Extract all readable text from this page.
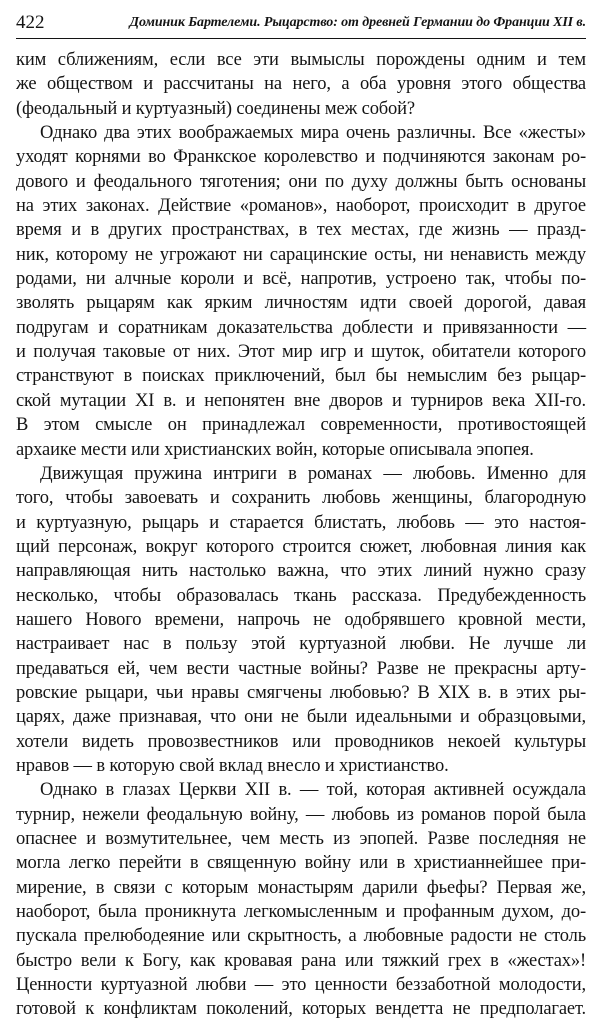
422	Доминик Бартелеми. Рыцарство: от древней Германии до Франции XII в.
ким сближениям, если все эти вымыслы порождены одним и тем
же обществом и рассчитаны на него, а оба уровня этого общества
(феодальный и куртуазный) соединены меж собой?
Однако два этих воображаемых мира очень различны. Все «жесты»
уходят корнями во Франкское королевство и подчиняются законам ро-
дового и феодального тяготения; они по духу должны быть основаны
на этих законах. Действие «романов», наоборот, происходит в другое
время и в других пространствах, в тех местах, где жизнь — празд-
ник, которому не угрожают ни сарацинские осты, ни ненависть между
родами, ни алчные короли и всё, напротив, устроено так, чтобы по-
зволять рыцарям как ярким личностям идти своей дорогой, давая
подругам и соратникам доказательства доблести и привязанности —
и получая таковые от них. Этот мир игр и шуток, обитатели которого
странствуют в поисках приключений, был бы немыслим без рыцар-
ской мутации XI в. и непонятен вне дворов и турниров века XII-го.
В этом смысле он принадлежал современности, противостоящей
архаике мести или христианских войн, которые описывала эпопея.
Движущая пружина интриги в романах — любовь. Именно для
того, чтобы завоевать и сохранить любовь женщины, благородную
и куртуазную, рыцарь и старается блистать, любовь — это настоя-
щий персонаж, вокруг которого строится сюжет, любовная линия как
направляющая нить настолько важна, что этих линий нужно сразу
несколько, чтобы образовалась ткань рассказа. Предубежденность
нашего Нового времени, напрочь не одобрявшего кровной мести,
настраивает нас в пользу этой куртуазной любви. Не лучше ли
предаваться ей, чем вести частные войны? Разве не прекрасны арту-
ровские рыцари, чьи нравы смягчены любовью? В XIX в. в этих ры-
царях, даже признавая, что они не были идеальными и образцовыми,
хотели видеть провозвестников или проводников некоей культуры
нравов — в которую свой вклад внесло и христианство.
Однако в глазах Церкви XII в. — той, которая активней осуждала
турнир, нежели феодальную войну, — любовь из романов порой была
опаснее и возмутительнее, чем месть из эпопей. Разве последняя не
могла легко перейти в священную войну или в христианнейшее при-
мирение, в связи с которым монастырям дарили фьефы? Первая же,
наоборот, была проникнута легкомысленным и профанным духом, до-
пускала прелюбодеяние или скрытность, а любовные радости не столь
быстро вели к Богу, как кровавая рана или тяжкий грех в «жестах»!
Ценности куртуазной любви — это ценности беззаботной молодости,
готовой к конфликтам поколений, которых вендетта не предполагает.
